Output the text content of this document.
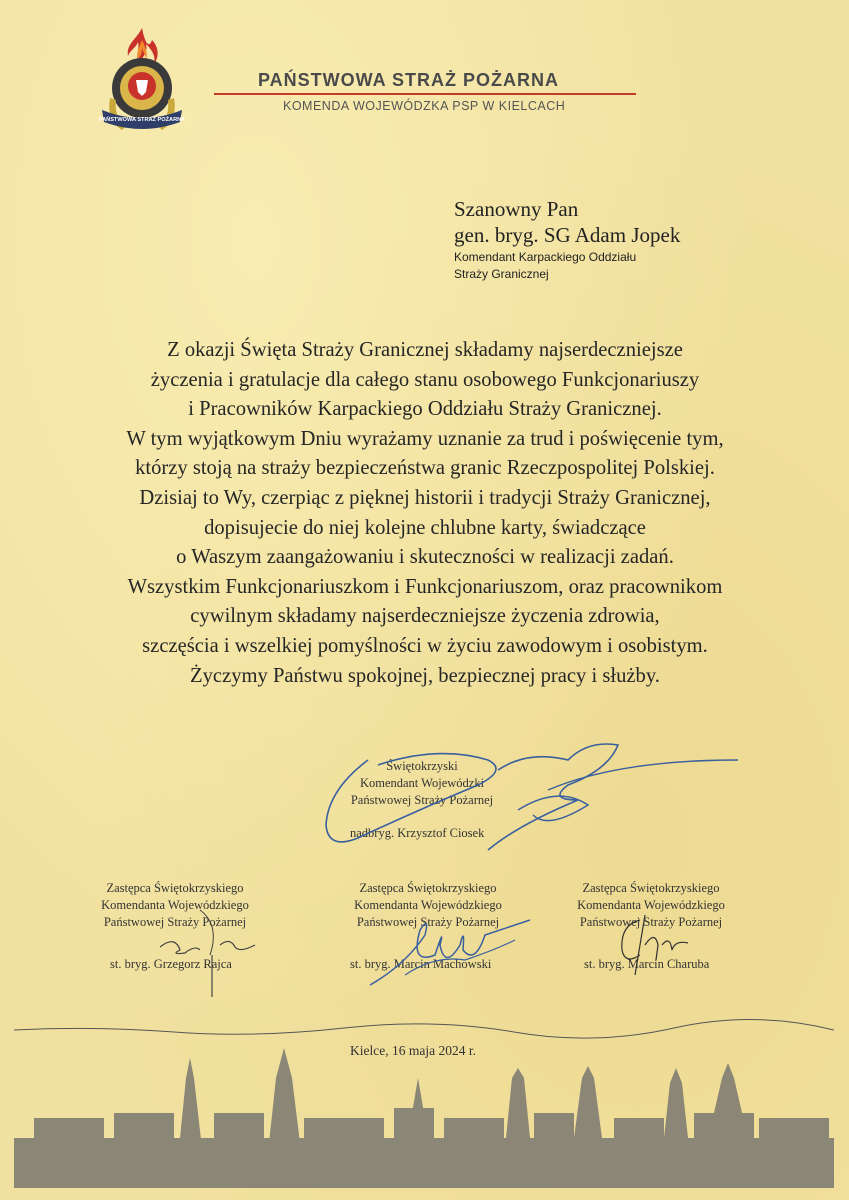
PAŃSTWOWA STRAŻ POŻARNA
PAŃSTWOWA STRAŻ POŻARNA
KOMENDA WOJEWÓDZKA PSP W KIELCACH
Szanowny Pan
gen. bryg. SG Adam Jopek
Komendant Karpackiego Oddziału
Straży Granicznej
Z okazji Święta Straży Granicznej składamy najserdeczniejsze
życzenia i gratulacje dla całego stanu osobowego Funkcjonariuszy
i Pracowników Karpackiego Oddziału Straży Granicznej.
W tym wyjątkowym Dniu wyrażamy uznanie za trud i poświęcenie tym,
którzy stoją na straży bezpieczeństwa granic Rzeczpospolitej Polskiej.
Dzisiaj to Wy, czerpiąc z pięknej historii i tradycji Straży Granicznej,
dopisujecie do niej kolejne chlubne karty, świadczące
o Waszym zaangażowaniu i skuteczności w realizacji zadań.
Wszystkim Funkcjonariuszkom i Funkcjonariuszom, oraz pracownikom
cywilnym składamy najserdeczniejsze życzenia zdrowia,
szczęścia i wszelkiej pomyślności w życiu zawodowym i osobistym.
Życzymy Państwu spokojnej, bezpiecznej pracy i służby.
Świętokrzyski
Komendant Wojewódzki
Państwowej Straży Pożarnej
nadbryg. Krzysztof Ciosek
Zastępca Świętokrzyskiego
Komendanta Wojewódzkiego
Państwowej Straży Pożarnej
st. bryg. Grzegorz Rajca
Zastępca Świętokrzyskiego
Komendanta Wojewódzkiego
Państwowej Straży Pożarnej
st. bryg. Marcin Machowski
Zastępca Świętokrzyskiego
Komendanta Wojewódzkiego
Państwowej Straży Pożarnej
st. bryg. Marcin Charuba
Kielce, 16 maja 2024 r.
